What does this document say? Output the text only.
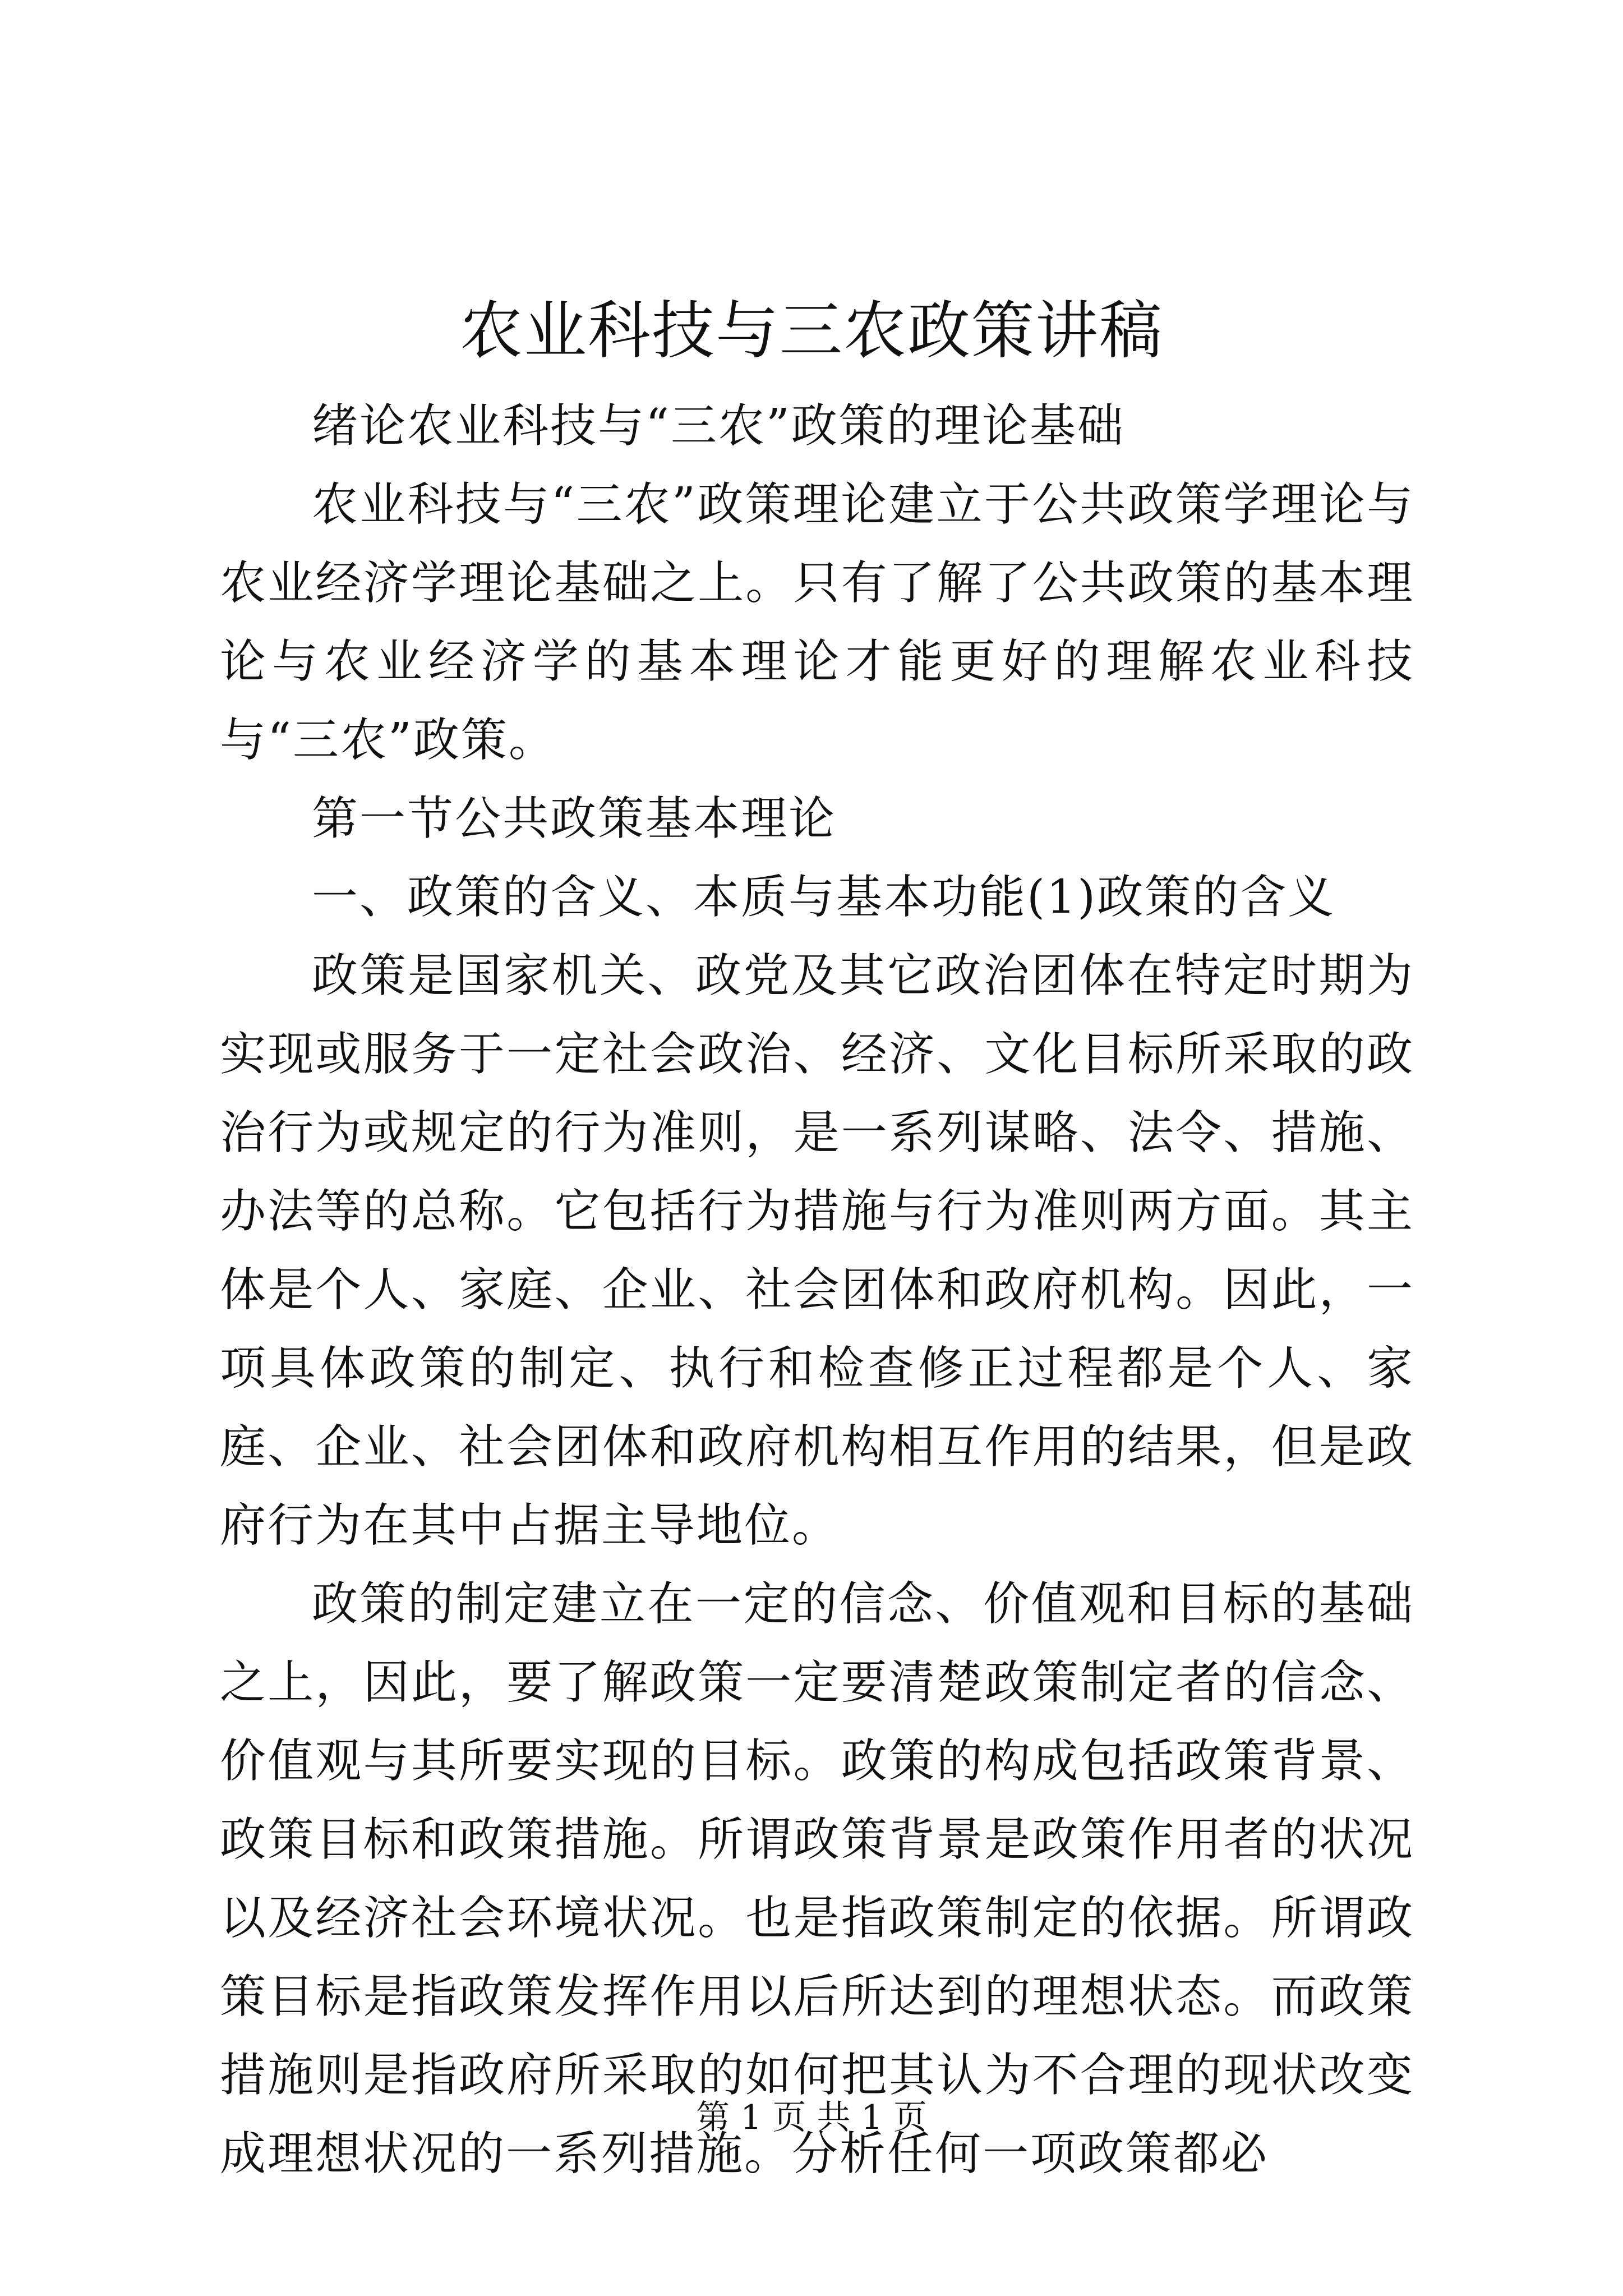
农业科技与三农政策讲稿

绪论农业科技与“三农”政策的理论基础

农业科技与“三农”政策理论建立于公共政策学理论与农业经济学理论基础之上。只有了解了公共政策的基本理论与农业经济学的基本理论才能更好的理解农业科技与“三农”政策。

第一节公共政策基本理论

一、政策的含义、本质与基本功能(1)政策的含义

政策是国家机关、政党及其它政治团体在特定时期为实现或服务于一定社会政治、经济、文化目标所采取的政治行为或规定的行为准则，是一系列谋略、法令、措施、办法等的总称。它包括行为措施与行为准则两方面。其主体是个人、家庭、企业、社会团体和政府机构。因此，一项具体政策的制定、执行和检查修正过程都是个人、家庭、企业、社会团体和政府机构相互作用的结果，但是政府行为在其中占据主导地位。

政策的制定建立在一定的信念、价值观和目标的基础之上，因此，要了解政策一定要清楚政策制定者的信念、价值观与其所要实现的目标。政策的构成包括政策背景、政策目标和政策措施。所谓政策背景是政策作用者的状况以及经济社会环境状况。也是指政策制定的依据。所谓政策目标是指政策发挥作用以后所达到的理想状态。而政策措施则是指政府所采取的如何把其认为不合理的现状改变成理想状况的一系列措施。分析任何一项政策都必

第 1 页 共 1 页
